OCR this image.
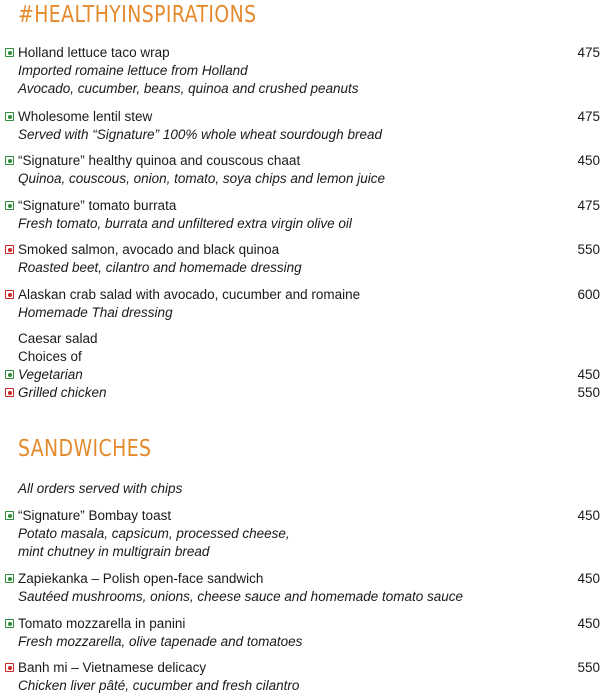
#HEALTHYINSPIRATIONS
Holland lettuce taco wrap	475
Imported romaine lettuce from Holland
Avocado, cucumber, beans, quinoa and crushed peanuts
Wholesome lentil stew	475
Served with “Signature” 100% whole wheat sourdough bread
“Signature” healthy quinoa and couscous chaat	450
Quinoa, couscous, onion, tomato, soya chips and lemon juice
“Signature” tomato burrata	475
Fresh tomato, burrata and unfiltered extra virgin olive oil
Smoked salmon, avocado and black quinoa	550
Roasted beet, cilantro and homemade dressing
Alaskan crab salad with avocado, cucumber and romaine	600
Homemade Thai dressing
Caesar salad
Choices of
Vegetarian	450
Grilled chicken	550
SANDWICHES
All orders served with chips
“Signature” Bombay toast	450
Potato masala, capsicum, processed cheese,
mint chutney in multigrain bread
Zapiekanka – Polish open-face sandwich	450
Sautéed mushrooms, onions, cheese sauce and homemade tomato sauce
Tomato mozzarella in panini	450
Fresh mozzarella, olive tapenade and tomatoes
Banh mi – Vietnamese delicacy	550
Chicken liver pâté, cucumber and fresh cilantro
